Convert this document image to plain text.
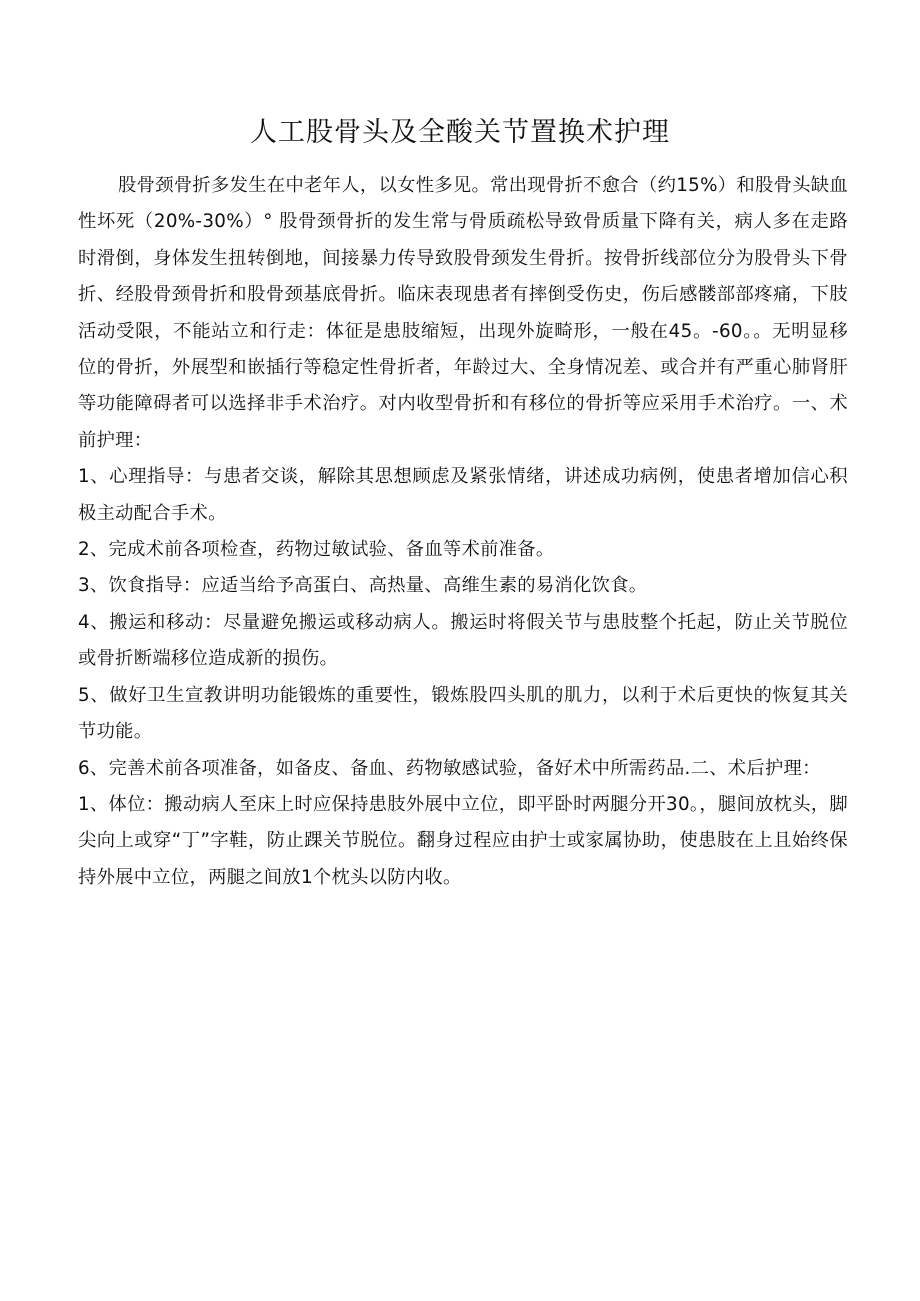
人工股骨头及全酸关节置换术护理

股骨颈骨折多发生在中老年人，以女性多见。常出现骨折不愈合（约15%）和股骨头缺血性坏死（20%-30%）° 股骨颈骨折的发生常与骨质疏松导致骨质量下降有关，病人多在走路时滑倒，身体发生扭转倒地，间接暴力传导致股骨颈发生骨折。按骨折线部位分为股骨头下骨折、经股骨颈骨折和股骨颈基底骨折。临床表现患者有摔倒受伤史，伤后感髅部部疼痛，下肢活动受限，不能站立和行走：体征是患肢缩短，出现外旋畸形，一般在45。-60。。无明显移位的骨折，外展型和嵌插行等稳定性骨折者，年龄过大、全身情况差、或合并有严重心肺肾肝等功能障碍者可以选择非手术治疗。对内收型骨折和有移位的骨折等应采用手术治疗。一、术前护理：

1、心理指导：与患者交谈，解除其思想顾虑及紧张情绪，讲述成功病例，使患者增加信心积极主动配合手术。

2、完成术前各项检查，药物过敏试验、备血等术前准备。

3、饮食指导：应适当给予高蛋白、高热量、高维生素的易消化饮食。

4、搬运和移动：尽量避免搬运或移动病人。搬运时将假关节与患肢整个托起，防止关节脱位或骨折断端移位造成新的损伤。

5、做好卫生宣教讲明功能锻炼的重要性，锻炼股四头肌的肌力，以利于术后更快的恢复其关节功能。

6、完善术前各项准备，如备皮、备血、药物敏感试验，备好术中所需药品.二、术后护理：

1、体位：搬动病人至床上时应保持患肢外展中立位，即平卧时两腿分开30。，腿间放枕头，脚尖向上或穿“丁”字鞋，防止踝关节脱位。翻身过程应由护士或家属协助，使患肢在上且始终保持外展中立位，两腿之间放1个枕头以防内收。
